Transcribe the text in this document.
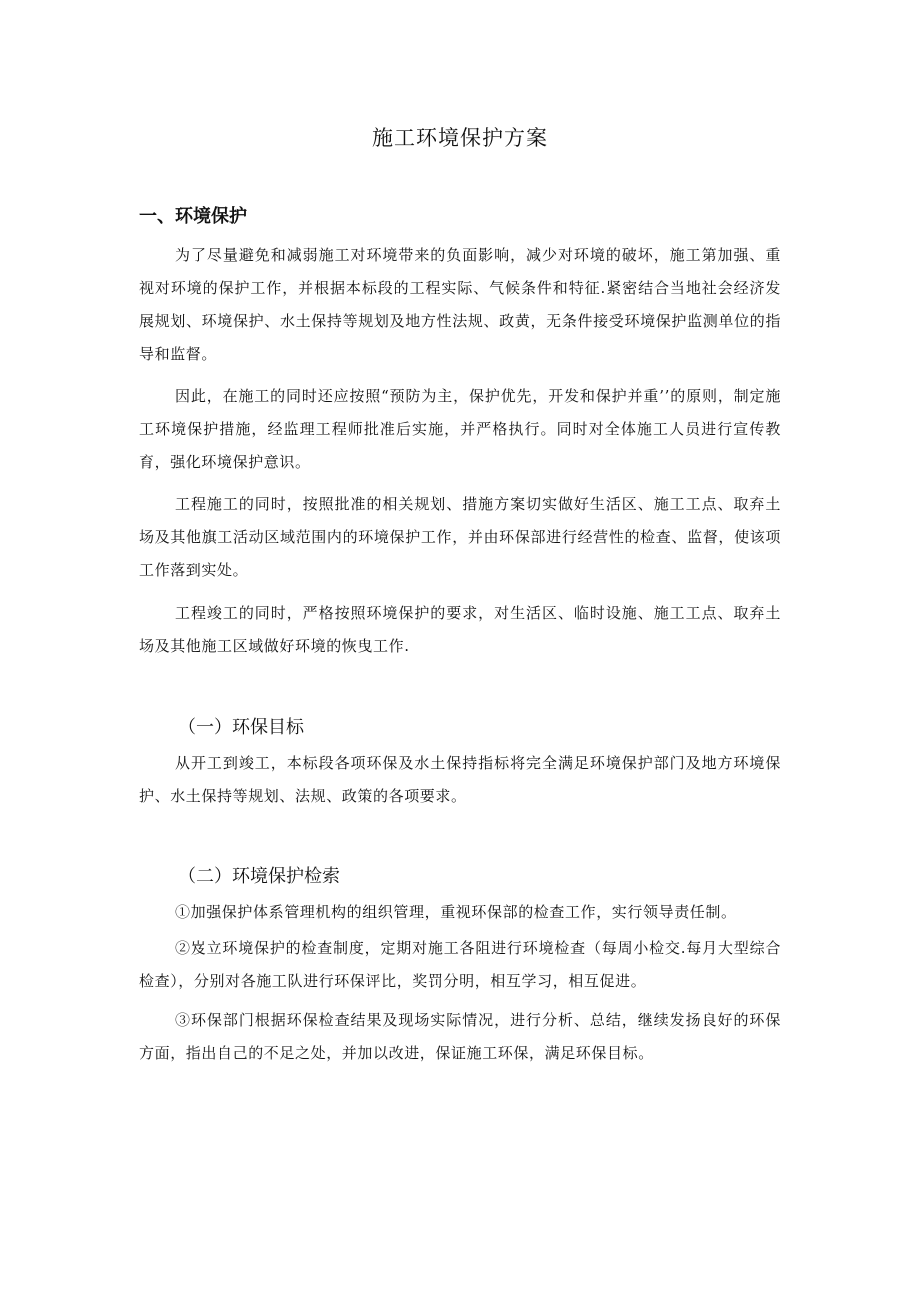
施工环境保护方案
一、环境保护

为了尽量避免和减弱施工对环境带来的负面影响，减少对环境的破坏，施工第加强、重视对环境的保护工作，并根据本标段的工程实际、气候条件和特征.紧密结合当地社会经济发展规划、环境保护、水土保持等规划及地方性法规、政黄，无条件接受环境保护监测单位的指导和监督。

因此，在施工的同时还应按照“预防为主，保护优先，开发和保护并重’’的原则，制定施工环境保护措施，经监理工程师批准后实施，并严格执行。同时对全体施工人员进行宣传教育，强化环境保护意识。

工程施工的同时，按照批准的相关规划、措施方案切实做好生活区、施工工点、取弃土场及其他旗工活动区域范围内的环境保护工作，并由环保部进行经营性的检查、监督，使该项工作落到实处。

工程竣工的同时，严格按照环境保护的要求，对生活区、临时设施、施工工点、取弃土场及其他施工区域做好环境的恢曳工作.

（一）环保目标

从开工到竣工，本标段各项环保及水土保持指标将完全满足环境保护部门及地方环境保护、水土保持等规划、法规、政策的各项要求。

（二）环境保护检索

①加强保护体系管理机构的组织管理，重视环保部的检查工作，实行领导责任制。

②岌立环境保护的检查制度，定期对施工各阻进行环境检查（每周小检交.每月大型综合检查），分别对各施工队进行环保评比，奖罚分明，相互学习，相互促进。

③环保部门根据环保检查结果及现场实际情况，进行分析、总结，继续发扬良好的环保方面，指出自己的不足之处，并加以改进，保证施工环保，满足环保目标。
